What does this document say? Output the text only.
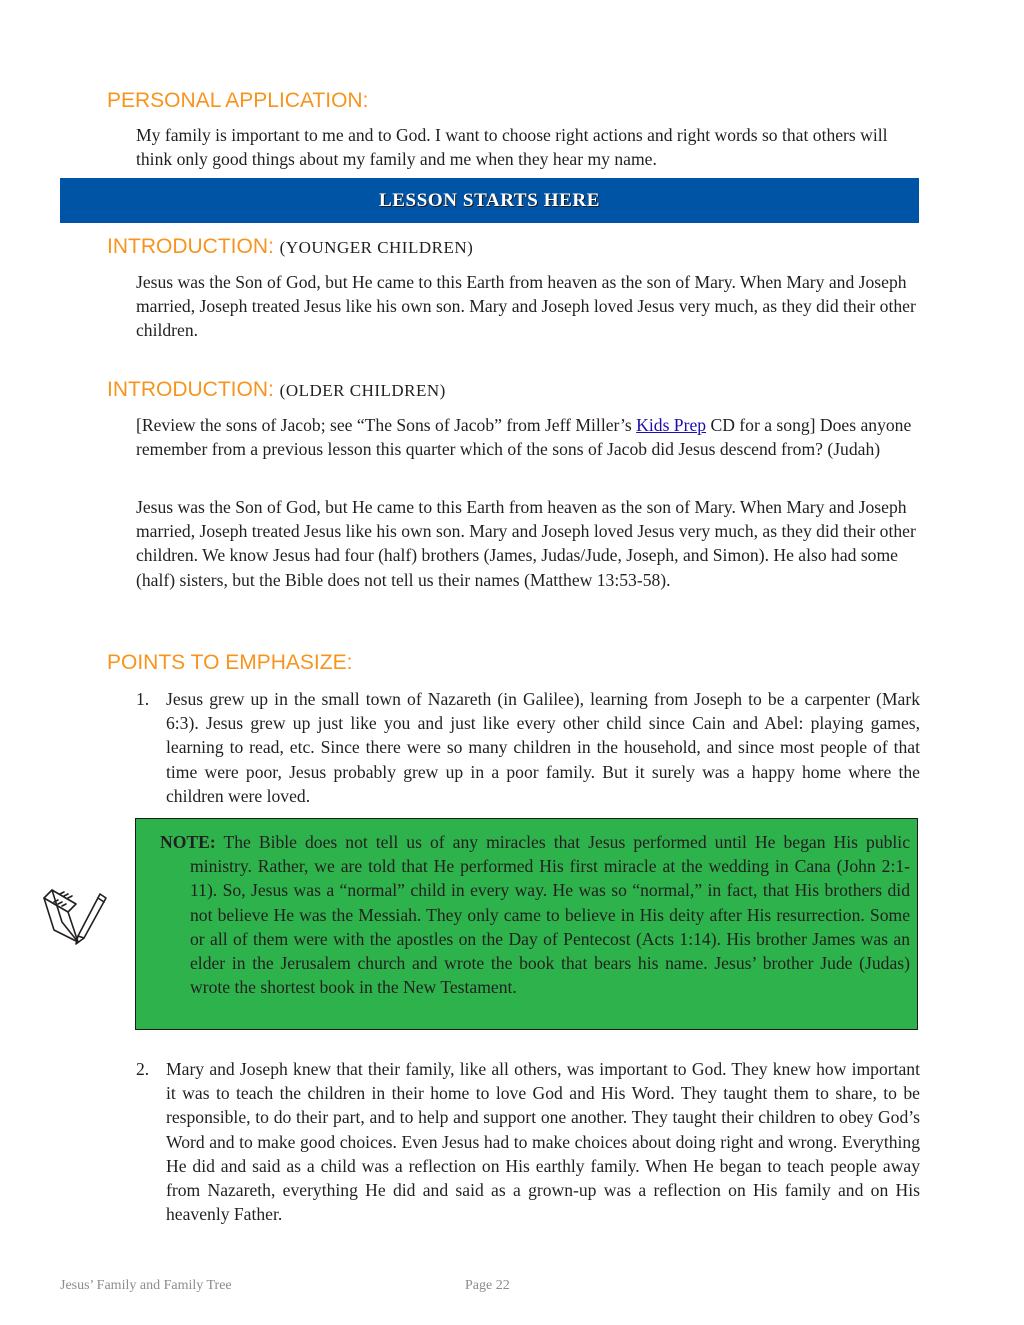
PERSONAL APPLICATION:

My family is important to me and to God. I want to choose right actions and right words so that others will think only good things about my family and me when they hear my name.

LESSON STARTS HERE
INTRODUCTION: (YOUNGER CHILDREN)

Jesus was the Son of God, but He came to this Earth from heaven as the son of Mary. When Mary and Joseph married, Joseph treated Jesus like his own son. Mary and Joseph loved Jesus very much, as they did their other children.

INTRODUCTION: (OLDER CHILDREN)

[Review the sons of Jacob; see “The Sons of Jacob” from Jeff Miller’s Kids Prep CD for a song] Does anyone remember from a previous lesson this quarter which of the sons of Jacob did Jesus descend from? (Judah)

Jesus was the Son of God, but He came to this Earth from heaven as the son of Mary. When Mary and Joseph married, Joseph treated Jesus like his own son. Mary and Joseph loved Jesus very much, as they did their other children. We know Jesus had four (half) brothers (James, Judas/Jude, Joseph, and Simon). He also had some (half) sisters, but the Bible does not tell us their names (Matthew 13:53-58).

POINTS TO EMPHASIZE:
1. Jesus grew up in the small town of Nazareth (in Galilee), learning from Joseph to be a carpenter (Mark 6:3). Jesus grew up just like you and just like every other child since Cain and Abel: playing games, learning to read, etc. Since there were so many children in the household, and since most people of that time were poor, Jesus probably grew up in a poor family. But it surely was a happy home where the children were loved.
NOTE: The Bible does not tell us of any miracles that Jesus performed until He began His public ministry. Rather, we are told that He performed His first miracle at the wedding in Cana (John 2:1-11). So, Jesus was a “normal” child in every way. He was so “normal,” in fact, that His brothers did not believe He was the Messiah. They only came to believe in His deity after His resurrection. Some or all of them were with the apostles on the Day of Pentecost (Acts 1:14). His brother James was an elder in the Jerusalem church and wrote the book that bears his name. Jesus’ brother Jude (Judas) wrote the shortest book in the New Testament.
2. Mary and Joseph knew that their family, like all others, was important to God. They knew how important it was to teach the children in their home to love God and His Word. They taught them to share, to be responsible, to do their part, and to help and support one another. They taught their children to obey God’s Word and to make good choices. Even Jesus had to make choices about doing right and wrong. Everything He did and said as a child was a reflection on His earthly family. When He began to teach people away from Nazareth, everything He did and said as a grown-up was a reflection on His family and on His heavenly Father.
Jesus’ Family and Family Tree	Page 22
